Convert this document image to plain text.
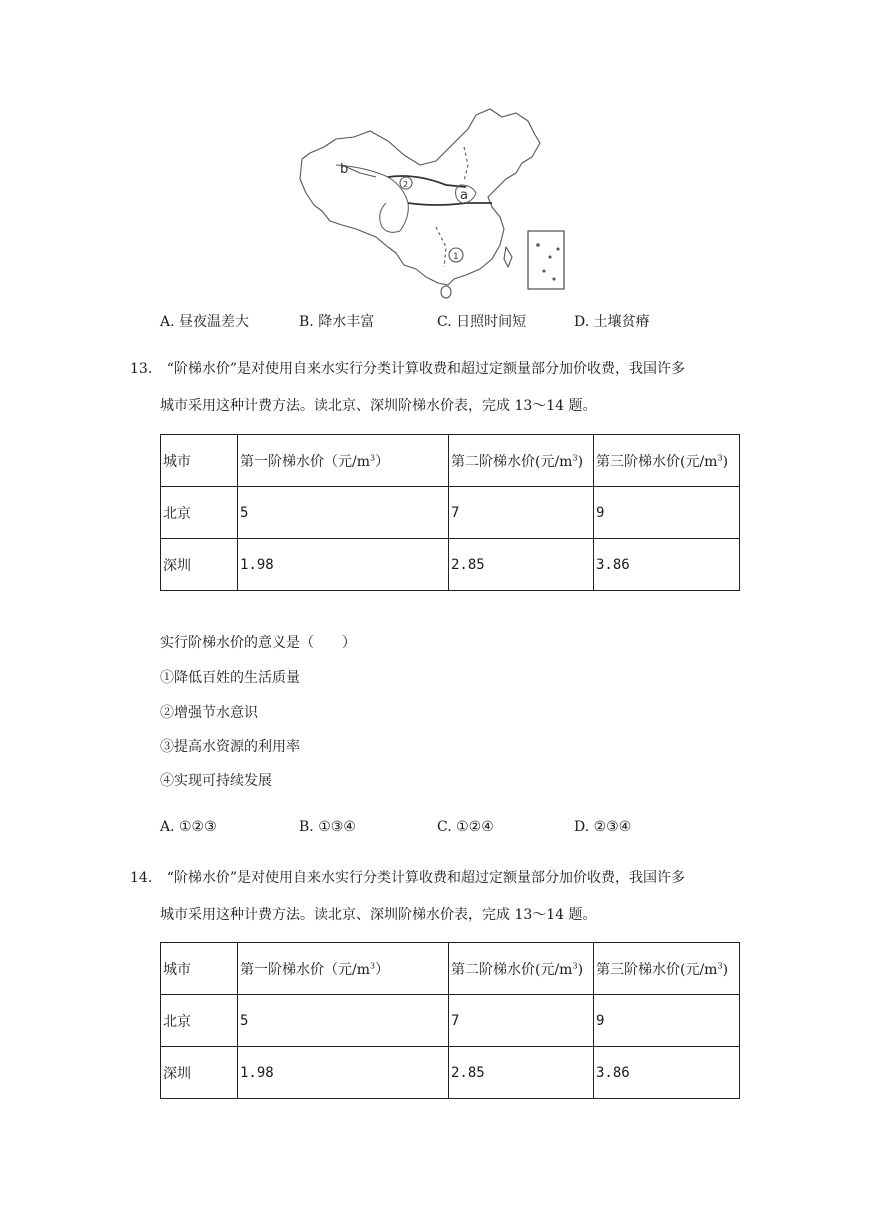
b
a
1
2
A. 昼夜温差大	B. 降水丰富	C. 日照时间短	D. 土壤贫瘠
13. “阶梯水价”是对使用自来水实行分类计算收费和超过定额量部分加价收费，我国许多
城市采用这种计费方法。读北京、深圳阶梯水价表，完成 13～14 题。
城市	第一阶梯水价（元$/m^3$）	第二阶梯水价(元$/m^3$)	第三阶梯水价(元$/m^3$)
北京	5	7	9
深圳	1.98	2.85	3.86
实行阶梯水价的意义是（　　）
①降低百姓的生活质量
②增强节水意识
③提高水资源的利用率
④实现可持续发展
A. ①②③	B. ①③④	C. ①②④	D. ②③④
14. “阶梯水价”是对使用自来水实行分类计算收费和超过定额量部分加价收费，我国许多
城市采用这种计费方法。读北京、深圳阶梯水价表，完成 13～14 题。
城市	第一阶梯水价（元$/m^3$）	第二阶梯水价(元$/m^3$)	第三阶梯水价(元$/m^3$)
北京	5	7	9
深圳	1.98	2.85	3.86
